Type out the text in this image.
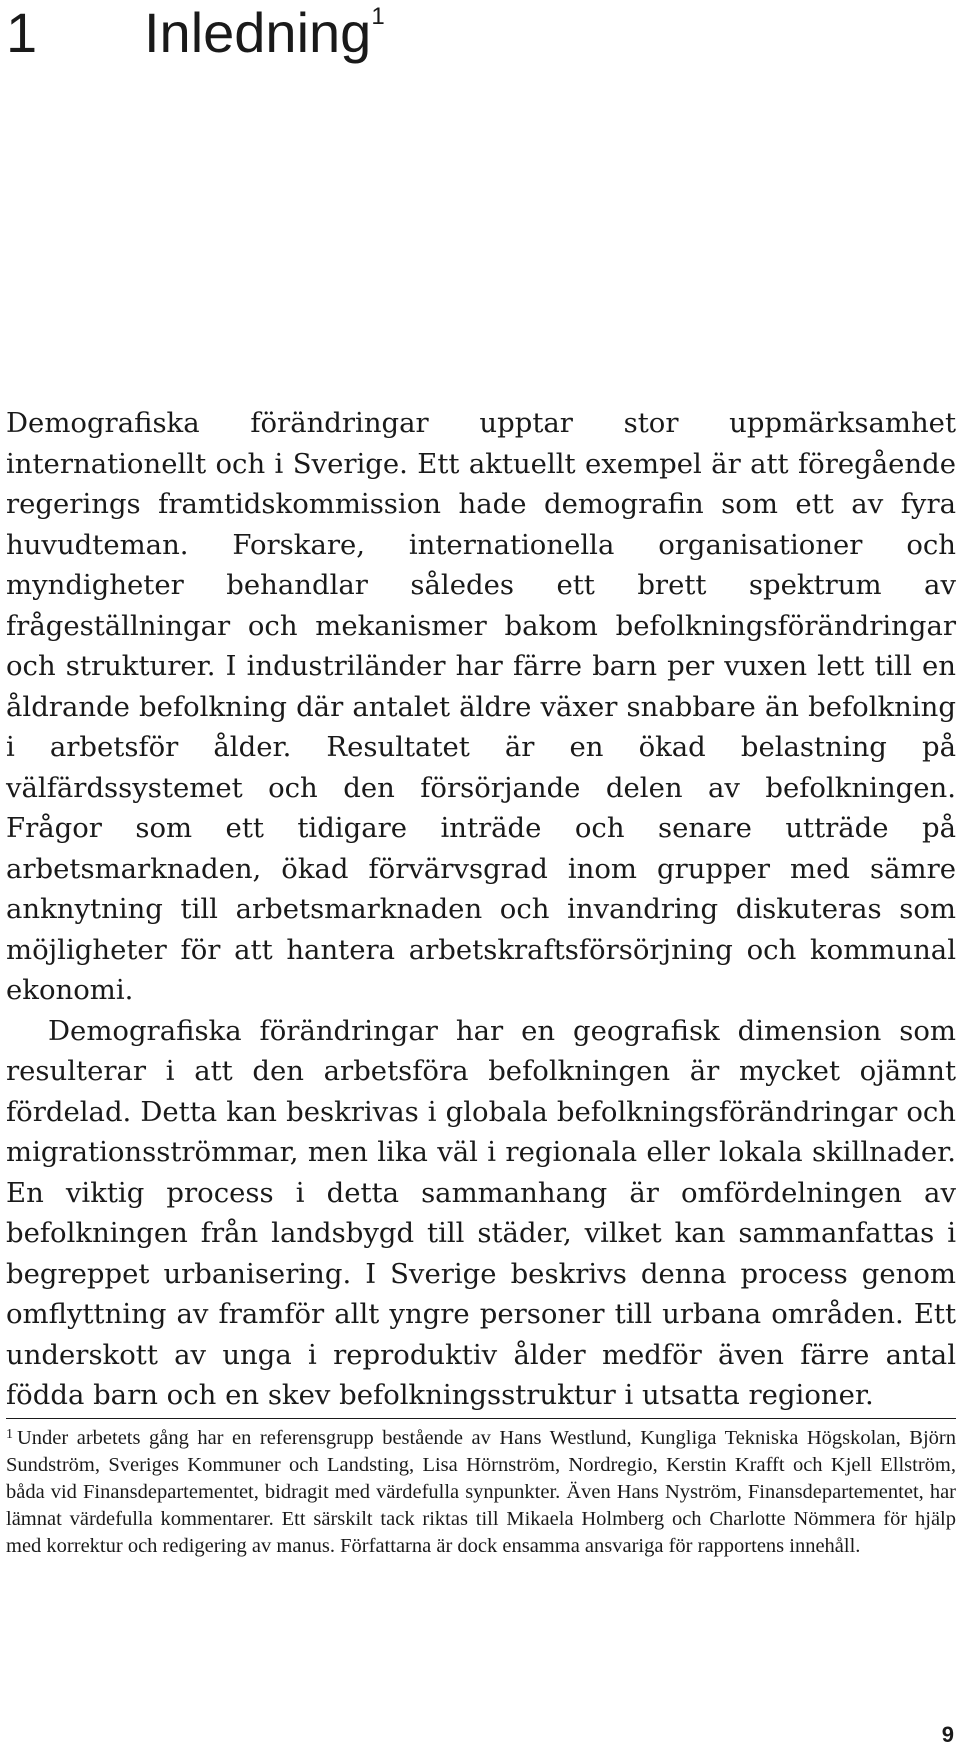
1 Inledning$^1$

Demografiska förändringar upptar stor uppmärksamhet internationellt och i Sverige. Ett aktuellt exempel är att föregående regerings framtidskommission hade demografin som ett av fyra huvudteman. Forskare, internationella organisationer och myndigheter behandlar således ett brett spektrum av frågeställningar och mekanismer bakom befolkningsförändringar och strukturer. I industriländer har färre barn per vuxen lett till en åldrande befolkning där antalet äldre växer snabbare än befolkning i arbetsför ålder. Resultatet är en ökad belastning på välfärdssystemet och den försörjande delen av befolkningen. Frågor som ett tidigare inträde och senare utträde på arbetsmarknaden, ökad förvärvsgrad inom grupper med sämre anknytning till arbetsmarknaden och invandring diskuteras som möjligheter för att hantera arbetskraftsförsörjning och kommunal ekonomi.

Demografiska förändringar har en geografisk dimension som resulterar i att den arbetsföra befolkningen är mycket ojämnt fördelad. Detta kan beskrivas i globala befolkningsförändringar och migrationsströmmar, men lika väl i regionala eller lokala skillnader. En viktig process i detta sammanhang är omfördelningen av befolkningen från landsbygd till städer, vilket kan sammanfattas i begreppet urbanisering. I Sverige beskrivs denna process genom omflyttning av framför allt yngre personer till urbana områden. Ett underskott av unga i reproduktiv ålder medför även färre antal födda barn och en skev befolkningsstruktur i utsatta regioner.

$^1$ Under arbetets gång har en referensgrupp bestående av Hans Westlund, Kungliga Tekniska Högskolan, Björn Sundström, Sveriges Kommuner och Landsting, Lisa Hörnström, Nordregio, Kerstin Krafft och Kjell Ellström, båda vid Finansdepartementet, bidragit med värdefulla synpunkter. Även Hans Nyström, Finansdepartementet, har lämnat värdefulla kommentarer. Ett särskilt tack riktas till Mikaela Holmberg och Charlotte Nömmera för hjälp med korrektur och redigering av manus. Författarna är dock ensamma ansvariga för rapportens innehåll.

9
